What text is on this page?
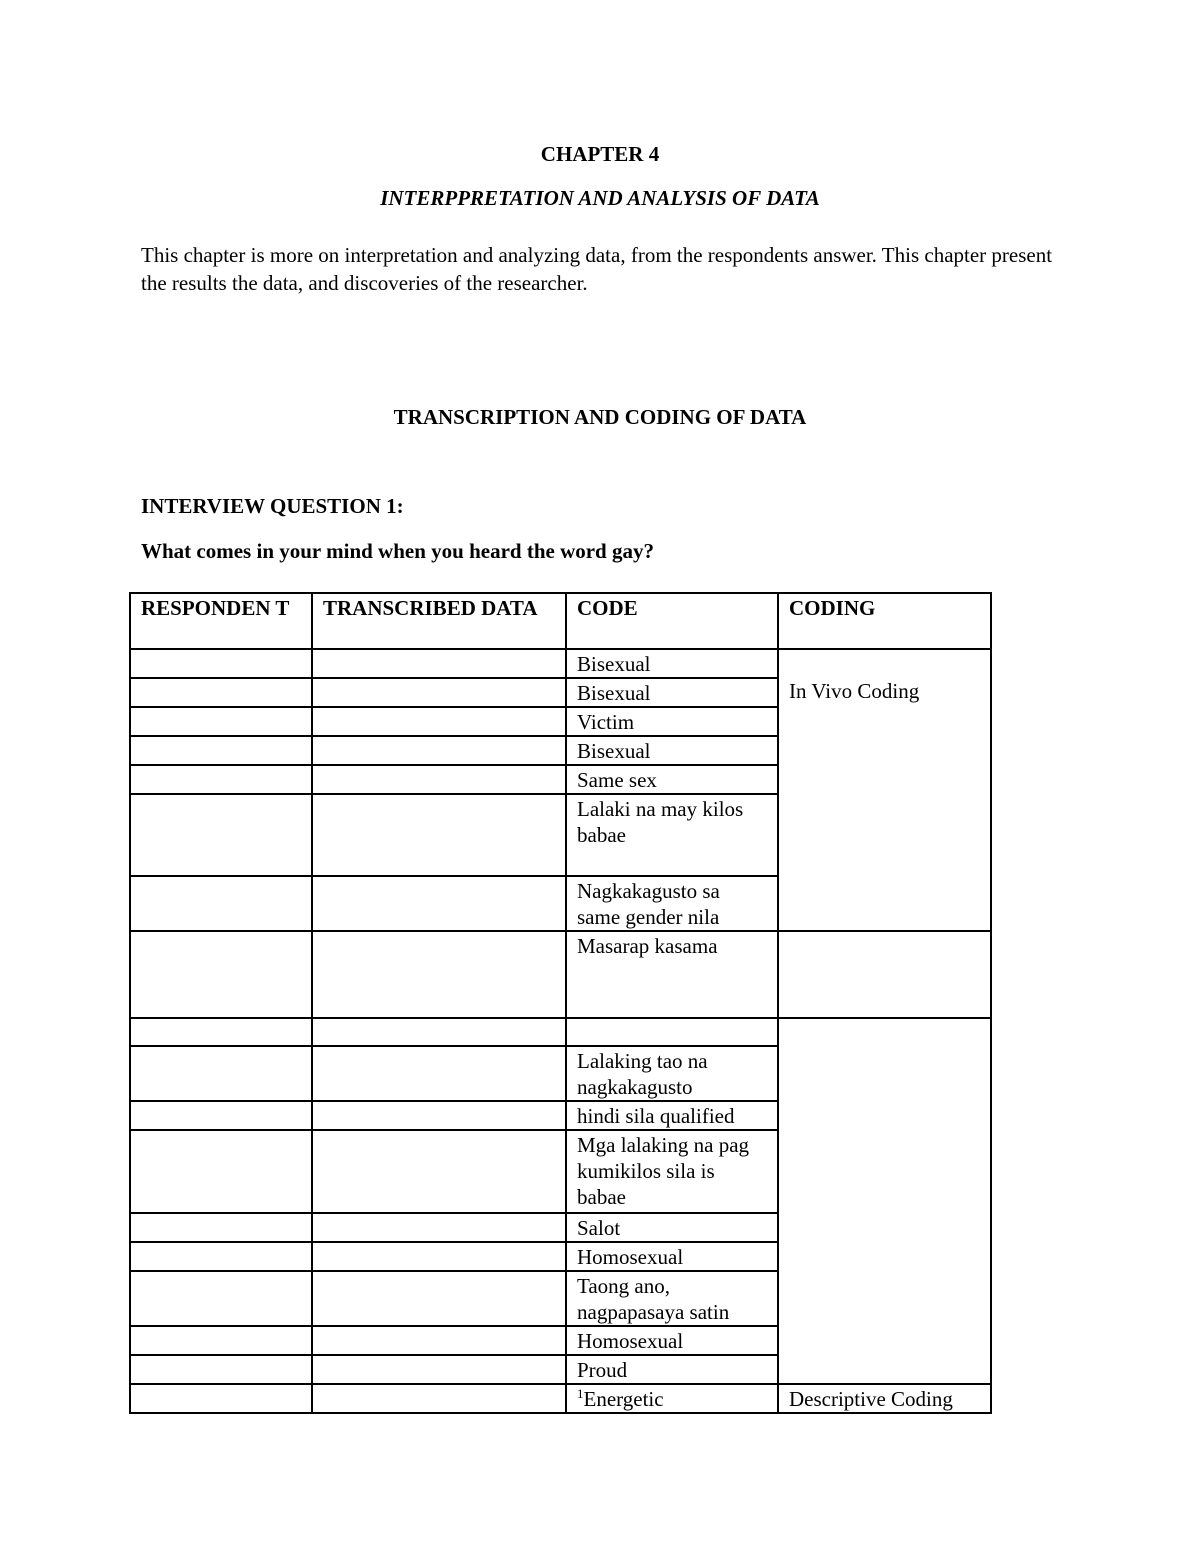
CHAPTER 4
INTERPPRETATION AND ANALYSIS OF DATA
This chapter is more on interpretation and analyzing data, from the respondents answer. This chapter present the results the data, and discoveries of the researcher.
TRANSCRIPTION AND CODING OF DATA
INTERVIEW QUESTION 1:
What comes in your mind when you heard the word gay?
RESPONDEN T	TRANSCRIBED DATA	CODE	CODING
		Bisexual	In Vivo Coding
		Bisexual	
		Victim	
		Bisexual	
		Same sex	
		Lalaki na may kilos babae	
		Nagkakagusto sa same gender nila	
		Masarap kasama	

		Lalaking tao na nagkakagusto	
		hindi sila qualified	
		Mga lalaking na pag kumikilos sila is babae	
		Salot	
		Homosexual	
		Taong ano, nagpapasaya satin	
		Homosexual	
		Proud	
		$^1$Energetic	Descriptive Coding
